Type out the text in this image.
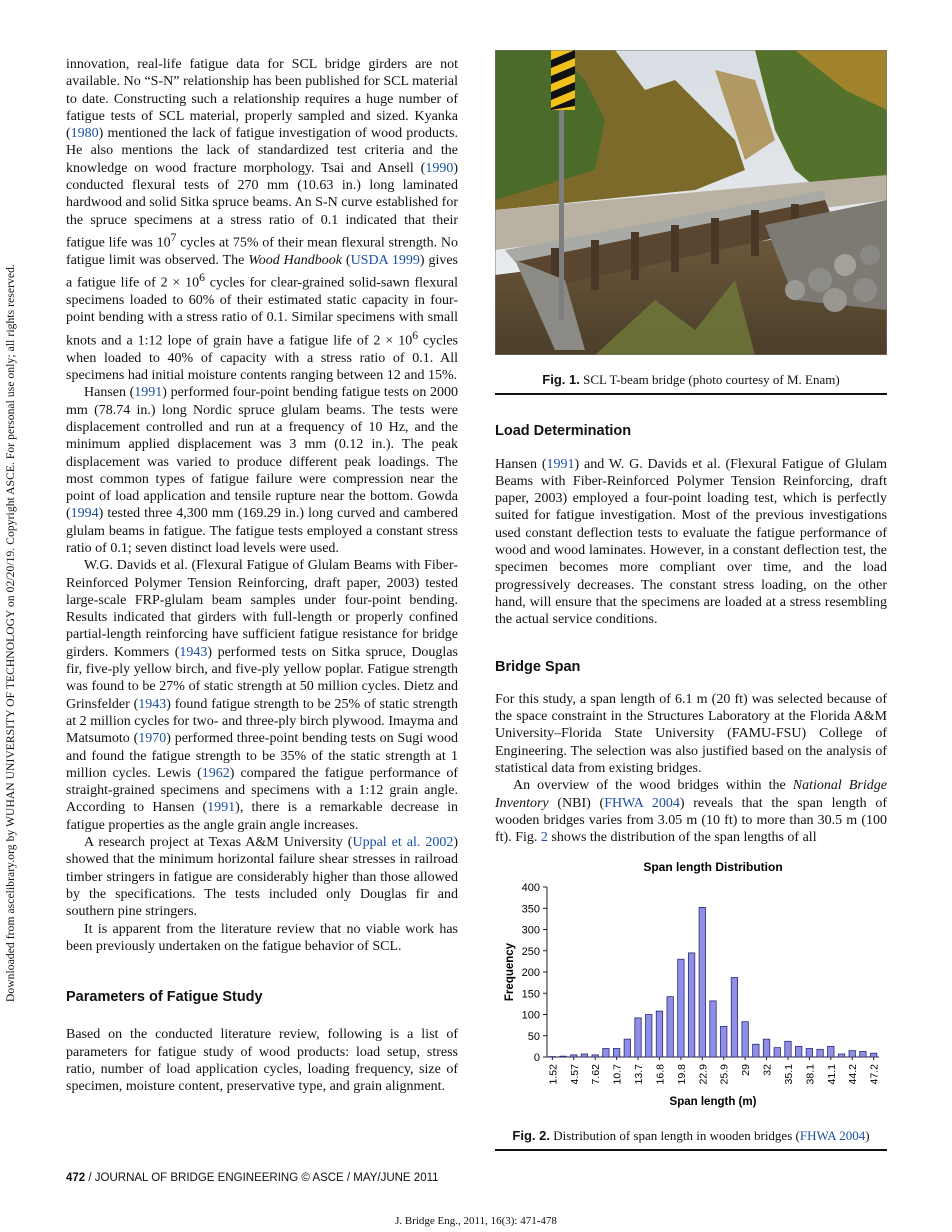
Downloaded from ascelibrary.org by WUHAN UNIVERSITY OF TECHNOLOGY on 02/20/19. Copyright ASCE. For personal use only; all rights reserved.

innovation, real-life fatigue data for SCL bridge girders are not available. No “S-N” relationship has been published for SCL material to date. Constructing such a relationship requires a huge number of fatigue tests of SCL material, properly sampled and sized. Kyanka (1980) mentioned the lack of fatigue investigation of wood products. He also mentions the lack of standardized test criteria and the knowledge on wood fracture morphology. Tsai and Ansell (1990) conducted flexural tests of 270 mm (10.63 in.) long laminated hardwood and solid Sitka spruce beams. An S-N curve established for the spruce specimens at a stress ratio of 0.1 indicated that their fatigue life was $10^7$ cycles at 75% of their mean flexural strength. No fatigue limit was observed. The Wood Handbook (USDA 1999) gives a fatigue life of $2 \times 10^6$ cycles for clear-grained solid-sawn flexural specimens loaded to 60% of their estimated static capacity in four-point bending with a stress ratio of 0.1. Similar specimens with small knots and a 1:12 lope of grain have a fatigue life of $2 \times 10^6$ cycles when loaded to 40% of capacity with a stress ratio of 0.1. All specimens had initial moisture contents ranging between 12 and 15%.

Hansen (1991) performed four-point bending fatigue tests on 2000 mm (78.74 in.) long Nordic spruce glulam beams. The tests were displacement controlled and run at a frequency of 10 Hz, and the minimum applied displacement was 3 mm (0.12 in.). The peak displacement was varied to produce different peak loadings. The most common types of fatigue failure were compression near the point of load application and tensile rupture near the bottom. Gowda (1994) tested three 4,300 mm (169.29 in.) long curved and cambered glulam beams in fatigue. The fatigue tests employed a constant stress ratio of 0.1; seven distinct load levels were used.

W.G. Davids et al. (Flexural Fatigue of Glulam Beams with Fiber-Reinforced Polymer Tension Reinforcing, draft paper, 2003) tested large-scale FRP-glulam beam samples under four-point bending. Results indicated that girders with full-length or properly confined partial-length reinforcing have sufficient fatigue resistance for bridge girders. Kommers (1943) performed tests on Sitka spruce, Douglas fir, five-ply yellow birch, and five-ply yellow poplar. Fatigue strength was found to be 27% of static strength at 50 million cycles. Dietz and Grinsfelder (1943) found fatigue strength to be 25% of static strength at 2 million cycles for two- and three-ply birch plywood. Imayma and Matsumoto (1970) performed three-point bending tests on Sugi wood and found the fatigue strength to be 35% of the static strength at 1 million cycles. Lewis (1962) compared the fatigue performance of straight-grained specimens and specimens with a 1:12 grain angle. According to Hansen (1991), there is a remarkable decrease in fatigue properties as the angle grain angle increases.

A research project at Texas A&M University (Uppal et al. 2002) showed that the minimum horizontal failure shear stresses in railroad timber stringers in fatigue are considerably higher than those allowed by the specifications. The tests included only Douglas fir and southern pine stringers.

It is apparent from the literature review that no viable work has been previously undertaken on the fatigue behavior of SCL.

Parameters of Fatigue Study

Based on the conducted literature review, following is a list of parameters for fatigue study of wood products: load setup, stress ratio, number of load application cycles, loading frequency, size of specimen, moisture content, preservative type, and grain alignment.

Fig. 1. SCL T-beam bridge (photo courtesy of M. Enam)
Load Determination

Hansen (1991) and W. G. Davids et al. (Flexural Fatigue of Glulam Beams with Fiber-Reinforced Polymer Tension Reinforcing, draft paper, 2003) employed a four-point loading test, which is perfectly suited for fatigue investigation. Most of the previous investigations used constant deflection tests to evaluate the fatigue performance of wood and wood laminates. However, in a constant deflection test, the specimen becomes more compliant over time, and the load progressively decreases. The constant stress loading, on the other hand, will ensure that the specimens are loaded at a stress resembling the actual service conditions.

Bridge Span

For this study, a span length of 6.1 m (20 ft) was selected because of the space constraint in the Structures Laboratory at the Florida A&M University–Florida State University (FAMU-FSU) College of Engineering. The selection was also justified based on the analysis of statistical data from existing bridges.

An overview of the wood bridges within the National Bridge Inventory (NBI) (FHWA 2004) reveals that the span length of wooden bridges varies from 3.05 m (10 ft) to more than 30.5 m (100 ft). Fig. 2 shows the distribution of the span lengths of all

Span length Distribution
0
50
100
150
200
250
300
350
400
1.52 4.57 7.62 10.7 13.7 16.8 19.8 22.9 25.9 29 32 35.1 38.1 41.1 44.2 47.2
Span length (m)
Frequency
Fig. 2. Distribution of span length in wooden bridges (FHWA 2004)
472 / JOURNAL OF BRIDGE ENGINEERING © ASCE / MAY/JUNE 2011
J. Bridge Eng., 2011, 16(3): 471-478
